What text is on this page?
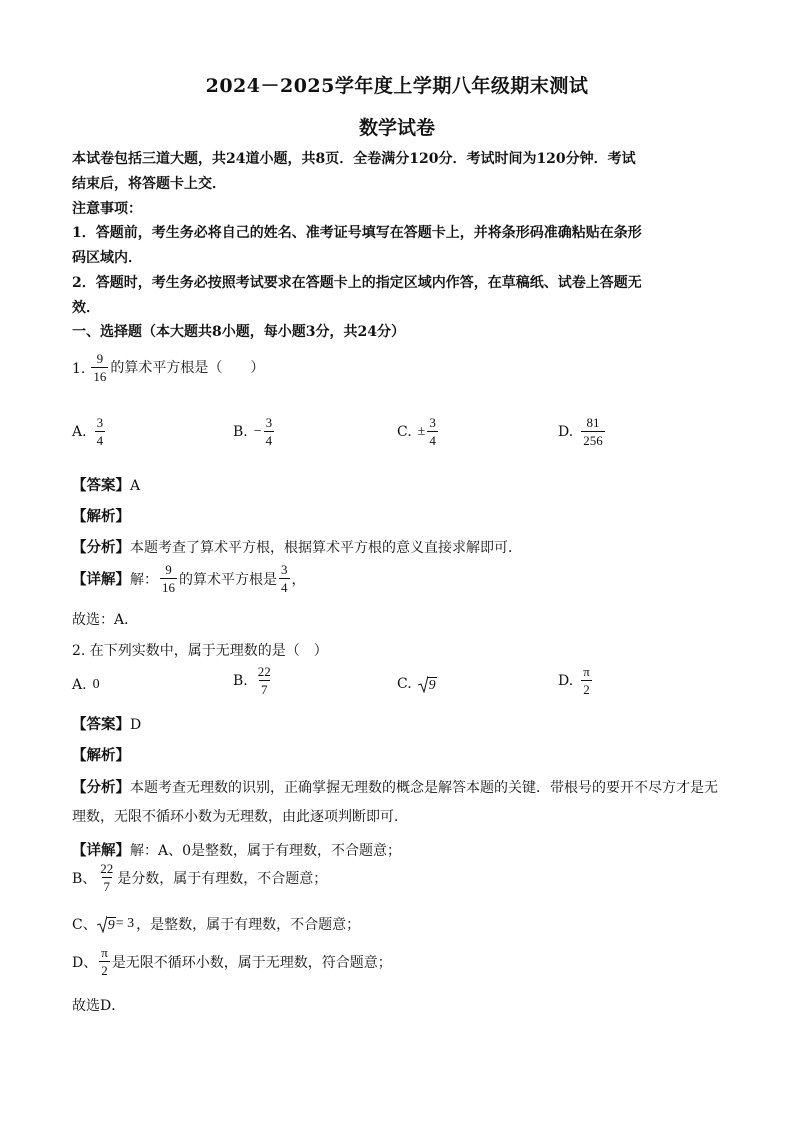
2024－2025学年度上学期八年级期末测试
数学试卷
本试卷包括三道大题，共24道小题，共8页．全卷满分120分．考试时间为120分钟．考试
结束后，将答题卡上交．
注意事项：
1．答题前，考生务必将自己的姓名、准考证号填写在答题卡上，并将条形码准确粘贴在条形
码区域内．
2．答题时，考生务必按照考试要求在答题卡上的指定区域内作答，在草稿纸、试卷上答题无
效．
一、选择题（本大题共8小题，每小题3分，共24分）
1. $\frac{9}{16}$ 的算术平方根是（　　）
A. $\frac{3}{4}$	B. − $\frac{3}{4}$	C. ± $\frac{3}{4}$	D. $\frac{81}{256}$
【答案】A
【解析】
【分析】本题考查了算术平方根，根据算术平方根的意义直接求解即可．
【详解】 解： $\frac{9}{16}$ 的算术平方根是 $\frac{3}{4}$ ，
故选：A．
2. 在下列实数中，属于无理数的是（　）
A. 0	B. $\frac{22}{7}$	C. 9	D. $\frac{\pi}{2}$
【答案】D
【解析】
【分析】本题考查无理数的识别，正确掌握无理数的概念是解答本题的关键．带根号的要开不尽方才是无
理数，无限不循环小数为无理数，由此逐项判断即可．
【详解】解：A、0是整数，属于有理数，不合题意；
B、 $\frac{22}{7}$ 是分数，属于有理数，不合题意；
C、 9 = 3 ，是整数，属于有理数，不合题意；
D、 $\frac{\pi}{2}$ 是无限不循环小数，属于无理数，符合题意；
故选D．
